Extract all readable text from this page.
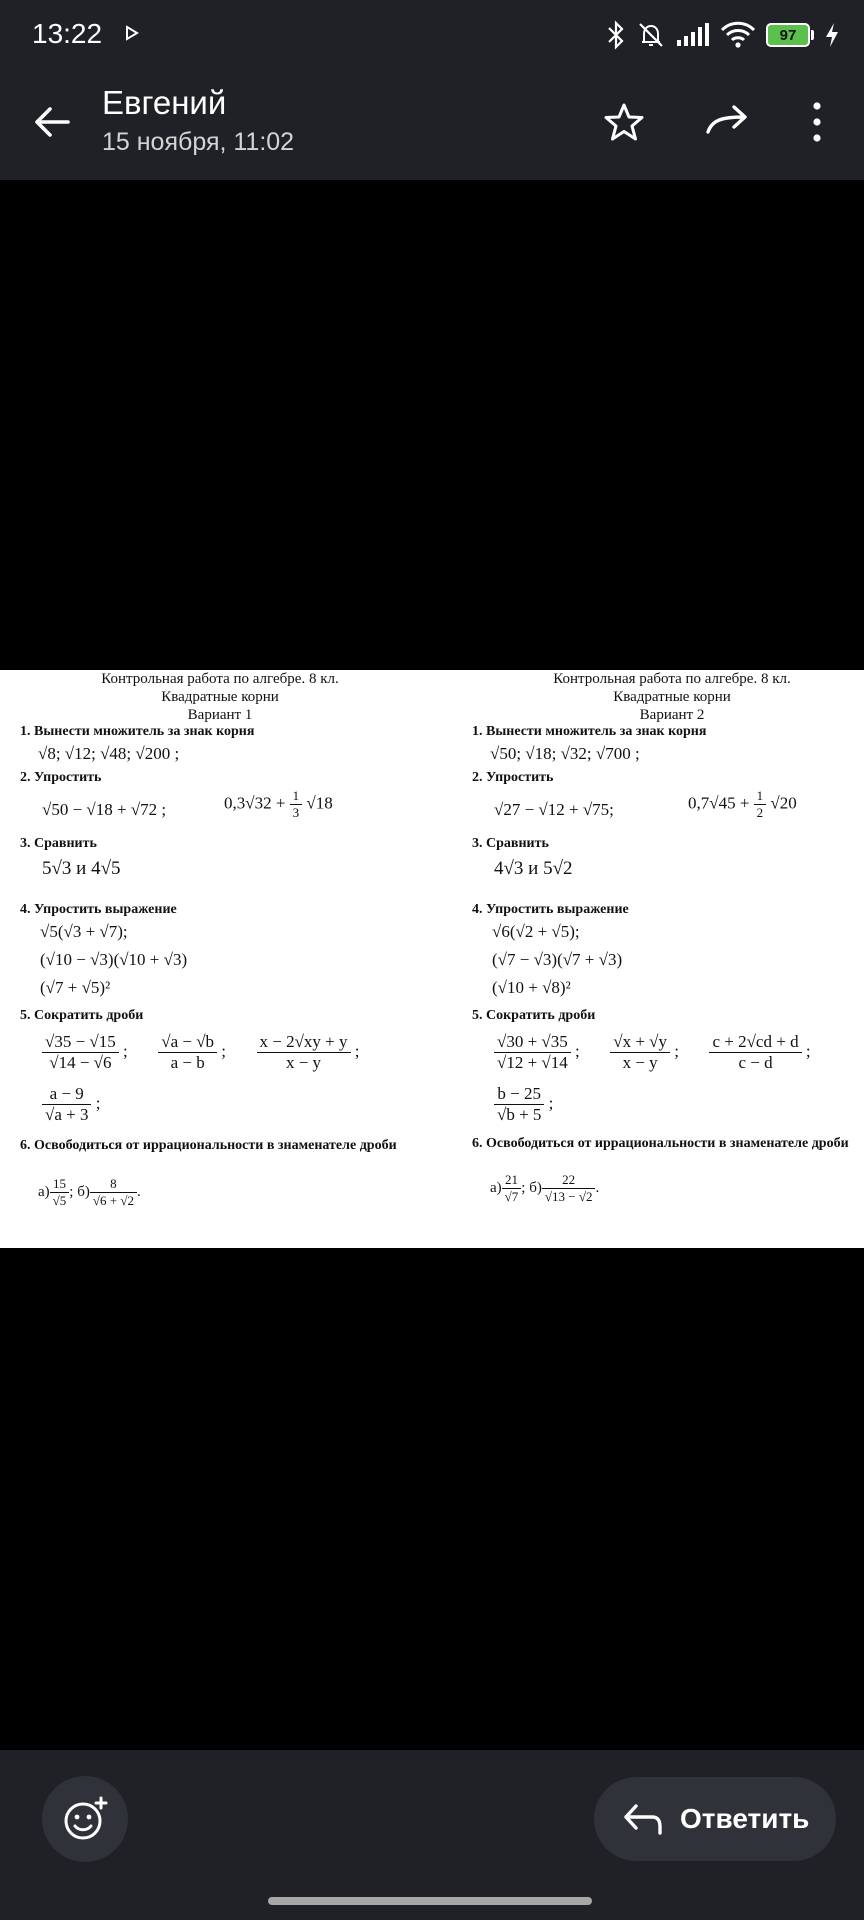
13:22	97
Евгений
15 ноября, 11:02
Контрольная работа по алгебре. 8 кл.
Квадратные корни
Вариант 1
1. Вынести множитель за знак корня
√8; √12; √48; √200 ;
2. Упростить
√50 − √18 + √72 ;	$0,3√32 + \frac{1}{3} √18$
3. Сравнить
5√3 и 4√5
4. Упростить выражение
√5(√3 + √7);
(√10 − √3)(√10 + √3)
(√7 + √5)²
5. Сократить дроби
$\frac{√35 - √15}{√14 - √6}$ ; $\frac{√a - √b}{a - b}$ ; $\frac{x - 2√xy + y}{x - y}$ ;
$\frac{a - 9}{√a + 3}$ ;
6. Освободиться от иррациональности в знаменателе дроби
$а) \frac{15}{√5}$ ; $б) \frac{8}{√6 + √2}$ .
Контрольная работа по алгебре. 8 кл.
Квадратные корни
Вариант 2
1. Вынести множитель за знак корня
√50; √18; √32; √700 ;
2. Упростить
√27 − √12 + √75;	$0,7√45 + \frac{1}{2} √20$
3. Сравнить
4√3 и 5√2
4. Упростить выражение
√6(√2 + √5);
(√7 − √3)(√7 + √3)
(√10 + √8)²
5. Сократить дроби
$\frac{√30 + √35}{√12 + √14}$ ; $\frac{√x + √y}{x - y}$ ; $\frac{c + 2√cd + d}{c - d}$ ;
$\frac{b - 25}{√b + 5}$ ;
6. Освободиться от иррациональности в знаменателе дроби
$а) \frac{21}{√7}$ ; $б) \frac{22}{√13 - √2}$ .
Ответить
